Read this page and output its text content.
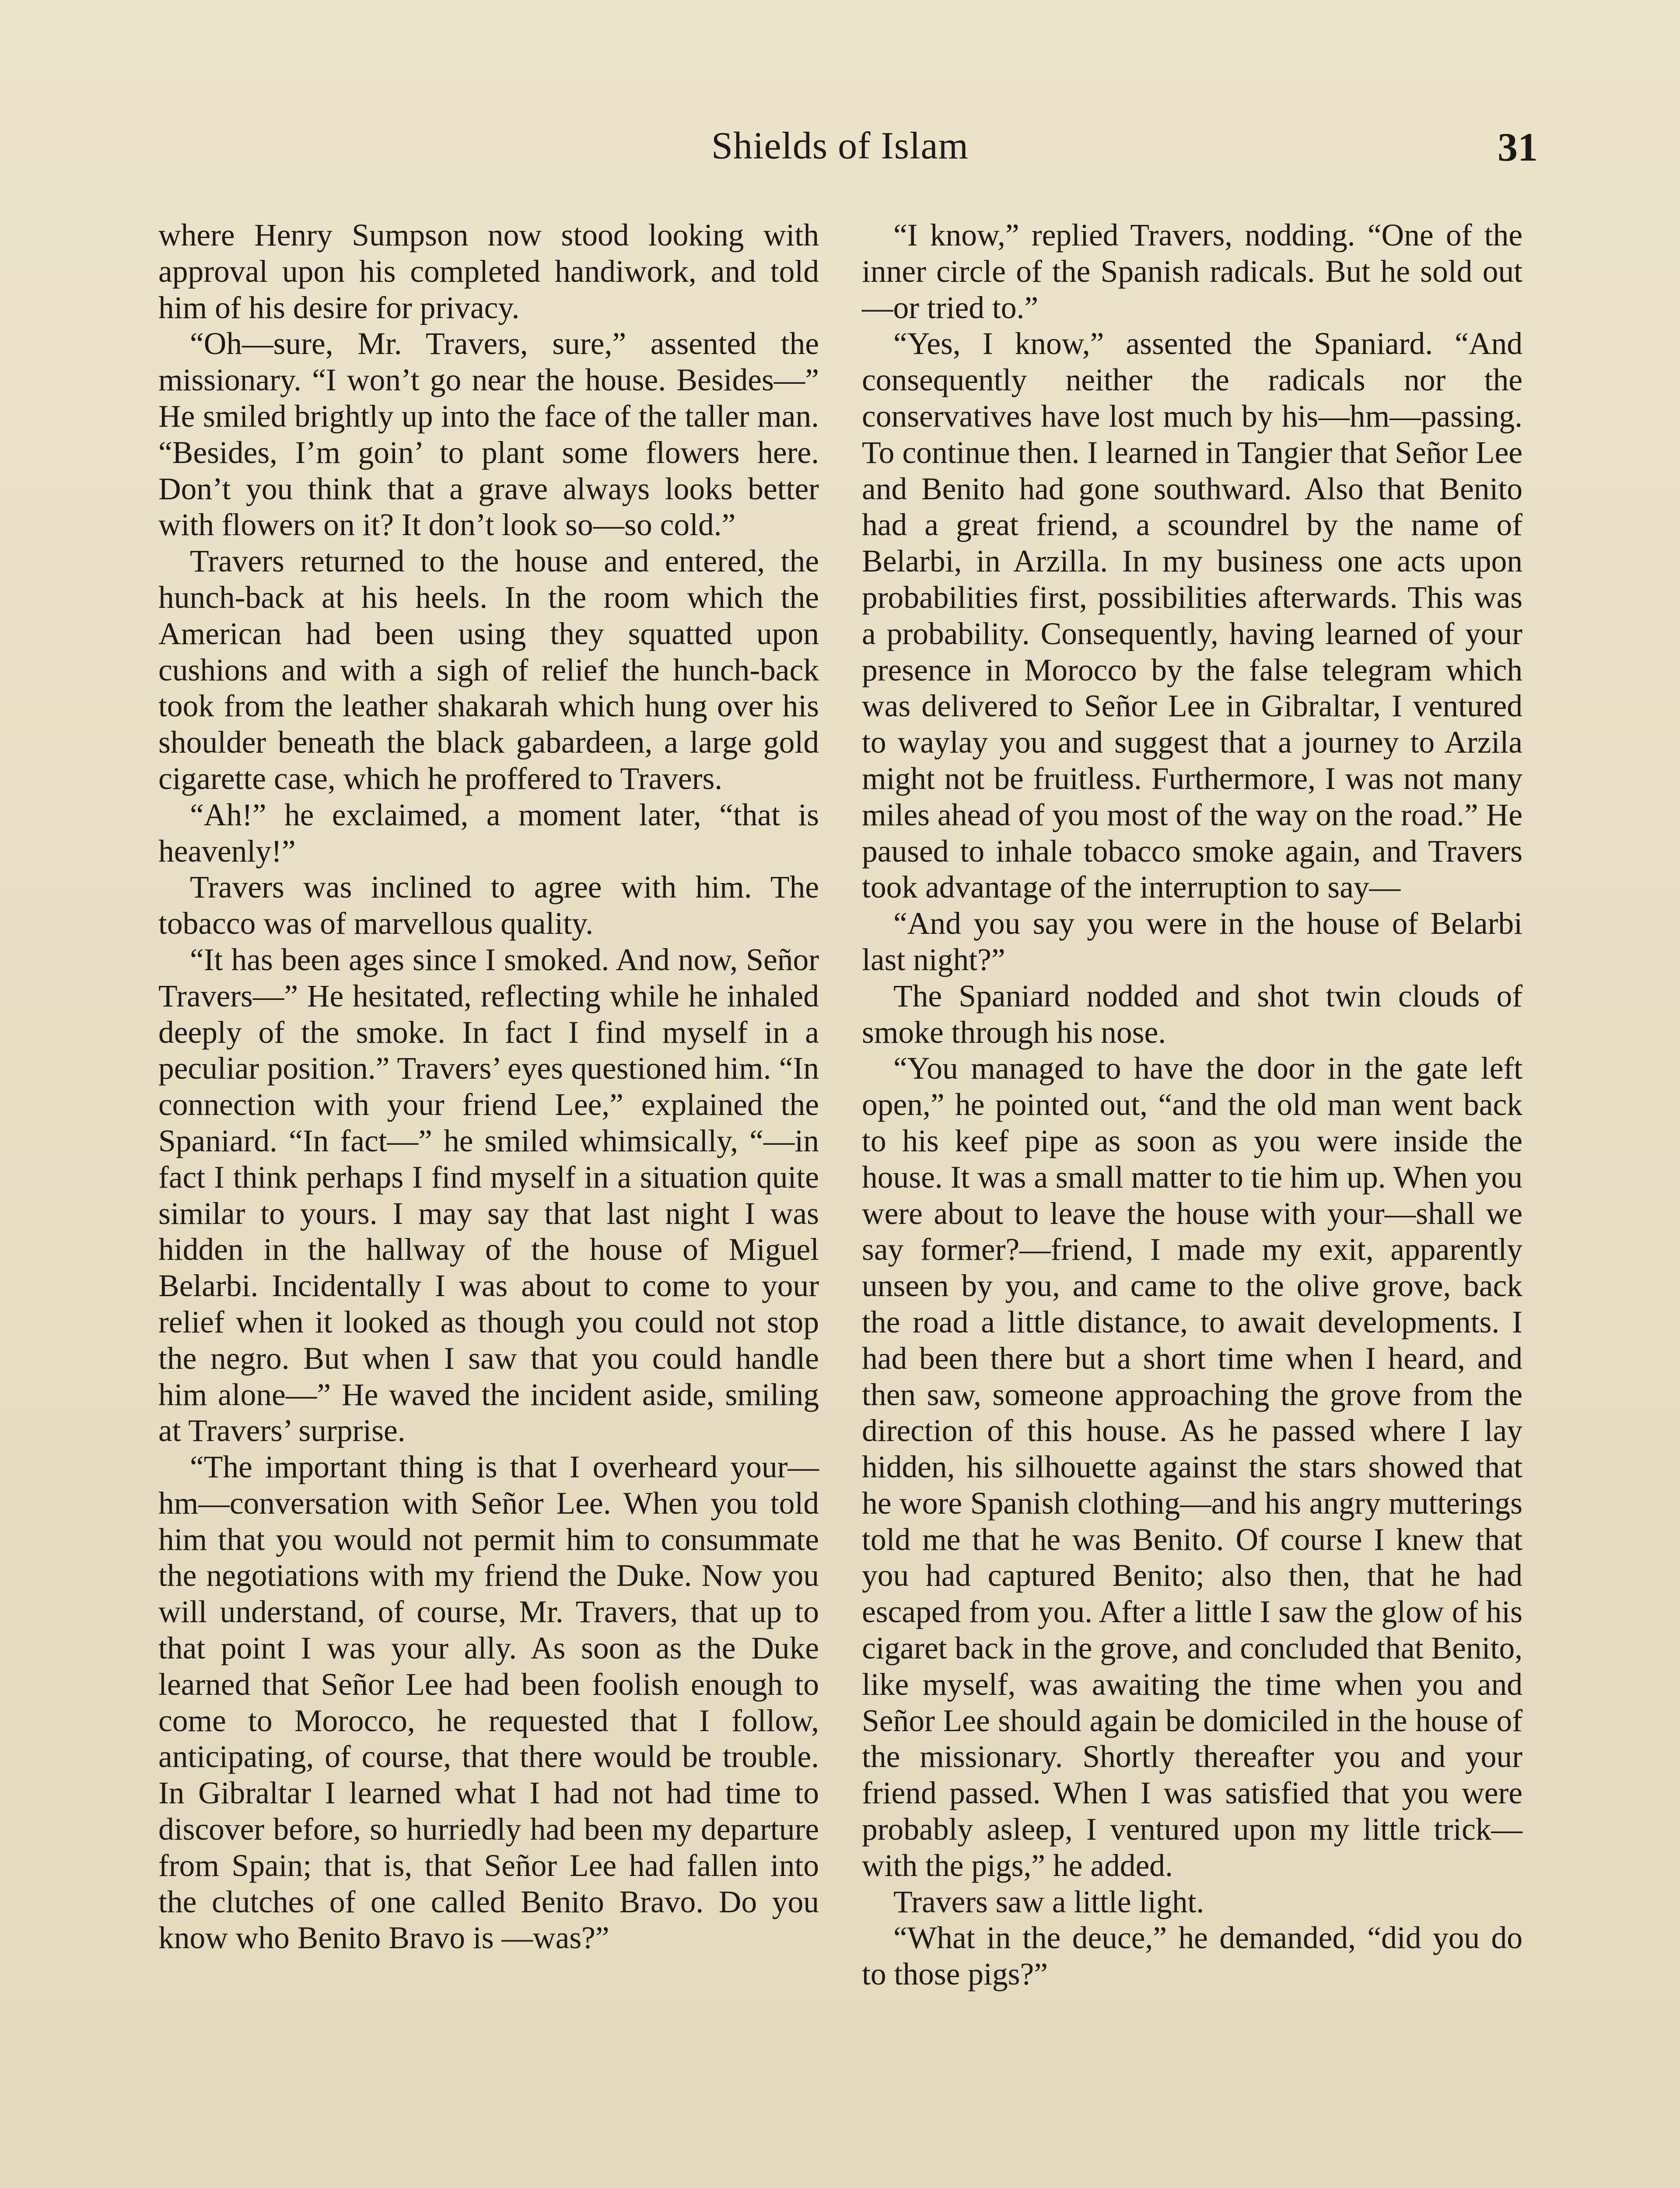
Shields of Islam	31

where Henry Sumpson now stood looking with approval upon his completed handiwork, and told him of his desire for privacy.

“Oh—sure, Mr. Travers, sure,” assented the missionary. “I won’t go near the house. Besides—” He smiled brightly up into the face of the taller man. “Besides, I’m goin’ to plant some flowers here. Don’t you think that a grave always looks better with flowers on it? It don’t look so—so cold.”

Travers returned to the house and entered, the hunch-back at his heels. In the room which the American had been using they squatted upon cushions and with a sigh of relief the hunch-back took from the leather shakarah which hung over his shoulder beneath the black gabardeen, a large gold cigarette case, which he proffered to Travers.

“Ah!” he exclaimed, a moment later, “that is heavenly!”

Travers was inclined to agree with him. The tobacco was of marvellous quality.

“It has been ages since I smoked. And now, Señor Travers—” He hesitated, reflecting while he inhaled deeply of the smoke. In fact I find myself in a peculiar position.” Travers’ eyes questioned him. “In connection with your friend Lee,” explained the Spaniard. “In fact—” he smiled whimsically, “—in fact I think perhaps I find myself in a situation quite similar to yours. I may say that last night I was hidden in the hallway of the house of Miguel Belarbi. Incidentally I was about to come to your relief when it looked as though you could not stop the negro. But when I saw that you could handle him alone—” He waved the incident aside, smiling at Travers’ surprise.

“The important thing is that I overheard your—hm—conversation with Señor Lee. When you told him that you would not permit him to consummate the negotiations with my friend the Duke. Now you will understand, of course, Mr. Travers, that up to that point I was your ally. As soon as the Duke learned that Señor Lee had been foolish enough to come to Morocco, he requested that I follow, anticipating, of course, that there would be trouble. In Gibraltar I learned what I had not had time to discover before, so hurriedly had been my departure from Spain; that is, that Señor Lee had fallen into the clutches of one called Benito Bravo. Do you know who Benito Bravo is —was?”

“I know,” replied Travers, nodding. “One of the inner circle of the Spanish radicals. But he sold out—or tried to.”

“Yes, I know,” assented the Spaniard. “And consequently neither the radicals nor the conservatives have lost much by his—hm—passing. To continue then. I learned in Tangier that Señor Lee and Benito had gone southward. Also that Benito had a great friend, a scoundrel by the name of Belarbi, in Arzilla. In my business one acts upon probabilities first, possibilities afterwards. This was a probability. Consequently, having learned of your presence in Morocco by the false telegram which was delivered to Señor Lee in Gibraltar, I ventured to waylay you and suggest that a journey to Arzila might not be fruitless. Furthermore, I was not many miles ahead of you most of the way on the road.” He paused to inhale tobacco smoke again, and Travers took advantage of the interruption to say—

“And you say you were in the house of Belarbi last night?”

The Spaniard nodded and shot twin clouds of smoke through his nose.

“You managed to have the door in the gate left open,” he pointed out, “and the old man went back to his keef pipe as soon as you were inside the house. It was a small matter to tie him up. When you were about to leave the house with your—shall we say former?—friend, I made my exit, apparently unseen by you, and came to the olive grove, back the road a little distance, to await developments. I had been there but a short time when I heard, and then saw, someone approaching the grove from the direction of this house. As he passed where I lay hidden, his silhouette against the stars showed that he wore Spanish clothing—and his angry mutterings told me that he was Benito. Of course I knew that you had captured Benito; also then, that he had escaped from you. After a little I saw the glow of his cigaret back in the grove, and concluded that Benito, like myself, was awaiting the time when you and Señor Lee should again be domiciled in the house of the missionary. Shortly thereafter you and your friend passed. When I was satisfied that you were probably asleep, I ventured upon my little trick—with the pigs,” he added.

Travers saw a little light.

“What in the deuce,” he demanded, “did you do to those pigs?”
